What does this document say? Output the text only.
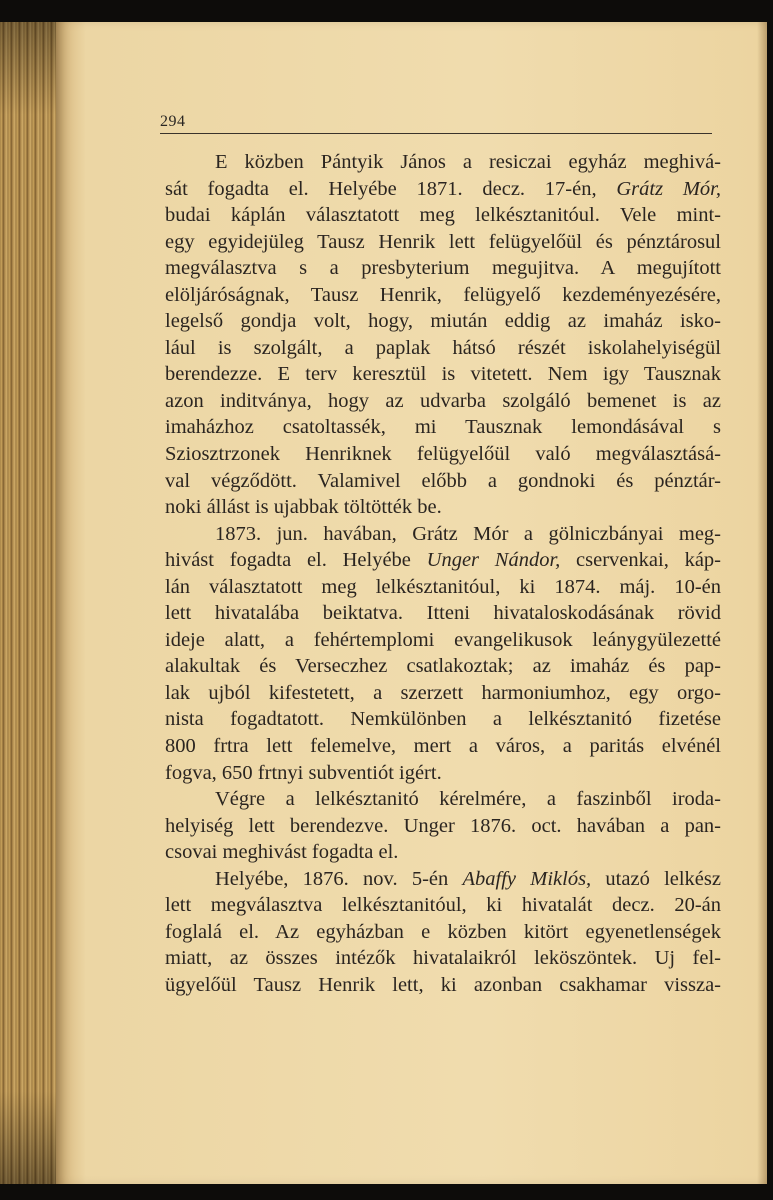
294
E közben Pántyik János a resiczai egyház meghivá-
sát fogadta el. Helyébe 1871. decz. 17-én, Grátz Mór,
budai káplán választatott meg lelkésztanitóul. Vele mint-
egy egyidejüleg Tausz Henrik lett felügyelőül és pénztárosul
megválasztva s a presbyterium megujitva. A megujított
elöljáróságnak, Tausz Henrik, felügyelő kezdeményezésére,
legelső gondja volt, hogy, miután eddig az imaház isko-
lául is szolgált, a paplak hátsó részét iskolahelyiségül
berendezze. E terv keresztül is vitetett. Nem igy Tausznak
azon inditványa, hogy az udvarba szolgáló bemenet is az
imaházhoz csatoltassék, mi Tausznak lemondásával s
Sziosztrzonek Henriknek felügyelőül való megválasztásá-
val végződött. Valamivel előbb a gondnoki és pénztár-
noki állást is ujabbak töltötték be.
1873. jun. havában, Grátz Mór a gölniczbányai meg-
hivást fogadta el. Helyébe Unger Nándor, cservenkai, káp-
lán választatott meg lelkésztanitóul, ki 1874. máj. 10-én
lett hivatalába beiktatva. Itteni hivataloskodásának rövid
ideje alatt, a fehértemplomi evangelikusok leánygyülezetté
alakultak és Verseczhez csatlakoztak; az imaház és pap-
lak ujból kifestetett, a szerzett harmoniumhoz, egy orgo-
nista fogadtatott. Nemkülönben a lelkésztanitó fizetése
800 frtra lett felemelve, mert a város, a paritás elvénél
fogva, 650 frtnyi subventiót igért.
Végre a lelkésztanitó kérelmére, a faszinből iroda-
helyiség lett berendezve. Unger 1876. oct. havában a pan-
csovai meghivást fogadta el.
Helyébe, 1876. nov. 5-én Abaffy Miklós, utazó lelkész
lett megválasztva lelkésztanitóul, ki hivatalát decz. 20-án
foglalá el. Az egyházban e közben kitört egyenetlenségek
miatt, az összes intézők hivatalaikról leköszöntek. Uj fel-
ügyelőül Tausz Henrik lett, ki azonban csakhamar vissza-
